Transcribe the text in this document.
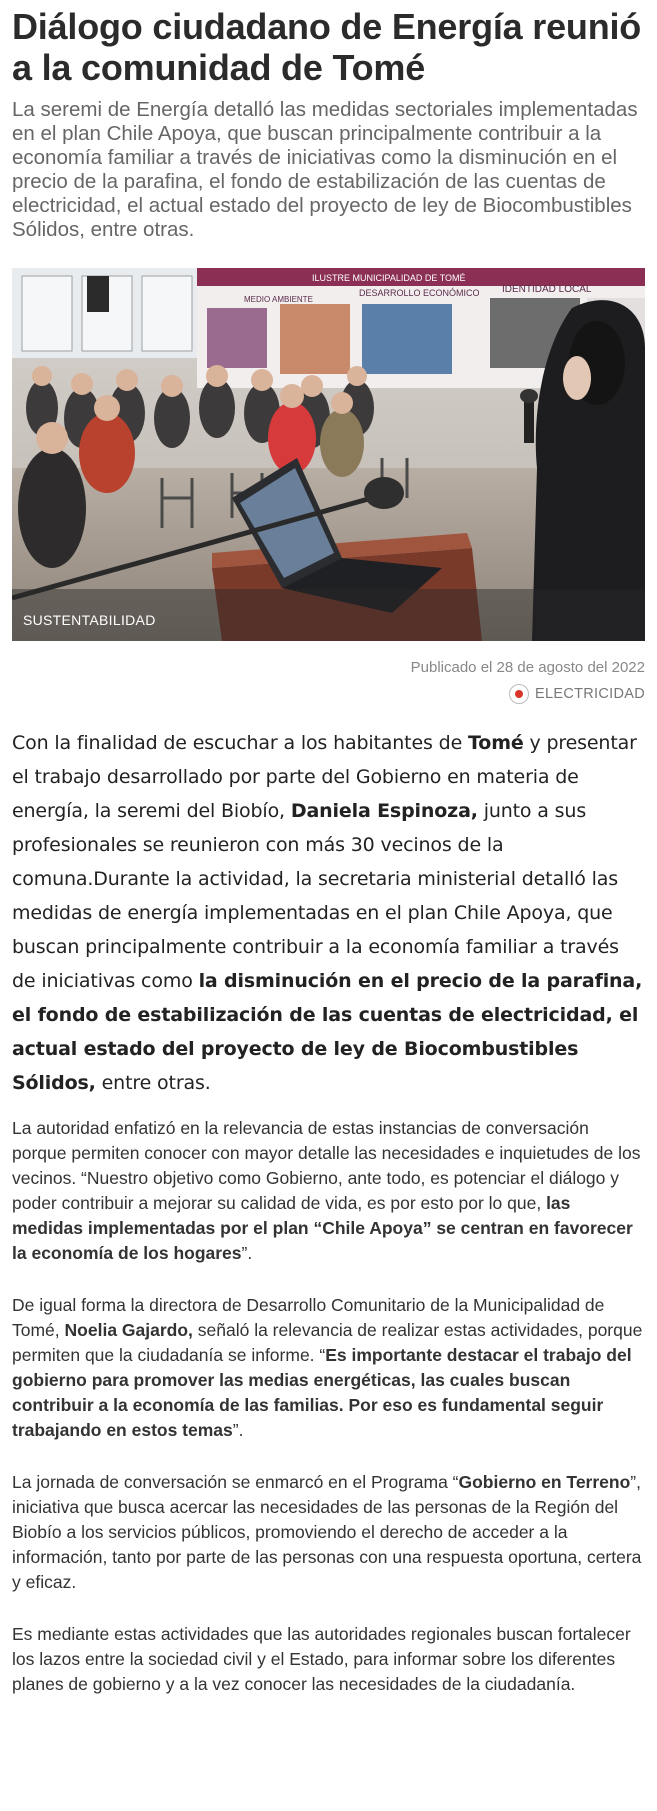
Diálogo ciudadano de Energía reunió a la comunidad de Tomé

La seremi de Energía detalló las medidas sectoriales implementadas en el plan Chile Apoya, que buscan principalmente contribuir a la economía familiar a través de iniciativas como la disminución en el precio de la parafina, el fondo de estabilización de las cuentas de electricidad, el actual estado del proyecto de ley de Biocombustibles Sólidos, entre otras.

ILUSTRE MUNICIPALIDAD DE TOMÉ
MEDIO AMBIENTE
DESARROLLO ECONÓMICO IDENTIDAD LOCAL
SUSTENTABILIDAD
Publicado el 28 de agosto del 2022
ELECTRICIDAD

Con la finalidad de escuchar a los habitantes de Tomé y presentar el trabajo desarrollado por parte del Gobierno en materia de energía, la seremi del Biobío, Daniela Espinoza, junto a sus profesionales se reunieron con más 30 vecinos de la comuna.Durante la actividad, la secretaria ministerial detalló las medidas de energía implementadas en el plan Chile Apoya, que buscan principalmente contribuir a la economía familiar a través de iniciativas como la disminución en el precio de la parafina, el fondo de estabilización de las cuentas de electricidad, el actual estado del proyecto de ley de Biocombustibles Sólidos, entre otras.

La autoridad enfatizó en la relevancia de estas instancias de conversación porque permiten conocer con mayor detalle las necesidades e inquietudes de los vecinos. “Nuestro objetivo como Gobierno, ante todo, es potenciar el diálogo y poder contribuir a mejorar su calidad de vida, es por esto por lo que, las medidas implementadas por el plan “Chile Apoya” se centran en favorecer la economía de los hogares”.

De igual forma la directora de Desarrollo Comunitario de la Municipalidad de Tomé, Noelia Gajardo, señaló la relevancia de realizar estas actividades, porque permiten que la ciudadanía se informe. “Es importante destacar el trabajo del gobierno para promover las medias energéticas, las cuales buscan contribuir a la economía de las familias. Por eso es fundamental seguir trabajando en estos temas”.

La jornada de conversación se enmarcó en el Programa “Gobierno en Terreno”, iniciativa que busca acercar las necesidades de las personas de la Región del Biobío a los servicios públicos, promoviendo el derecho de acceder a la información, tanto por parte de las personas con una respuesta oportuna, certera y eficaz.

Es mediante estas actividades que las autoridades regionales buscan fortalecer los lazos entre la sociedad civil y el Estado, para informar sobre los diferentes planes de gobierno y a la vez conocer las necesidades de la ciudadanía.
